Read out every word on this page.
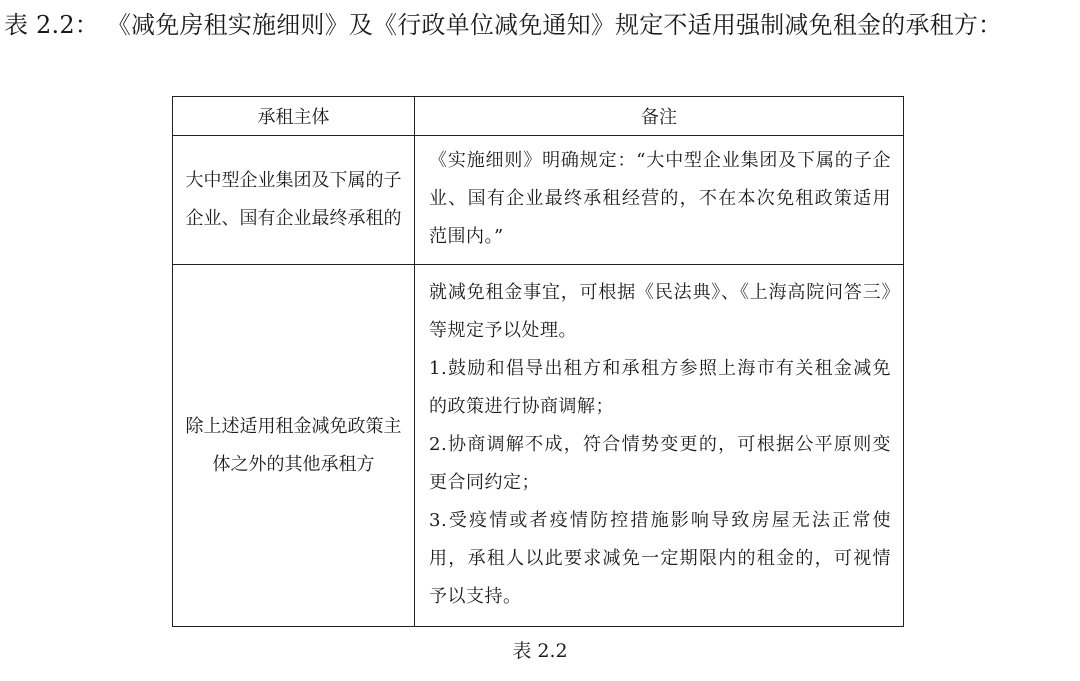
表 2.2： 《减免房租实施细则》及《行政单位减免通知》规定不适用强制减免租金的承租方：
承租主体	备注
大中型企业集团及下属的子企业、国有企业最终承租的	《实施细则》明确规定：“大中型企业集团及下属的子企业、国有企业最终承租经营的，不在本次免租政策适用范围内。”

除上述适用租金减免政策主体之外的其他承租方	就减免租金事宜，可根据《民法典》、《上海高院问答三》等规定予以处理。

1.鼓励和倡导出租方和承租方参照上海市有关租金减免的政策进行协商调解；

2.协商调解不成，符合情势变更的，可根据公平原则变更合同约定；

3.受疫情或者疫情防控措施影响导致房屋无法正常使用，承租人以此要求减免一定期限内的租金的，可视情予以支持。

表 2.2
